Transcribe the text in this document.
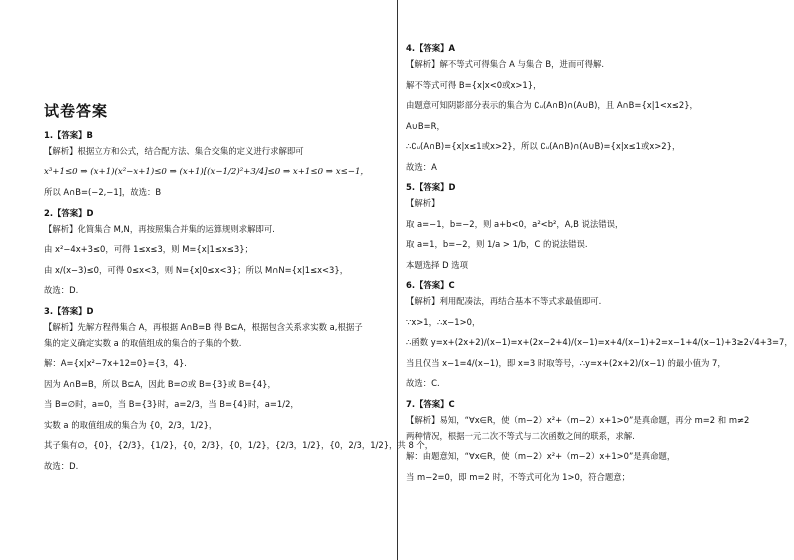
试卷答案
1.【答案】B
【解析】根据立方和公式，结合配方法、集合交集的定义进行求解即可
x³+1≤0 ⇒ (x+1)(x²−x+1)≤0 ⇒ (x+1)[(x−1/2)²+3/4]≤0 ⇒ x+1≤0 ⇒ x≤−1，
所以 A∩B=(−2,−1]，故选：B
2.【答案】D
【解析】化简集合 M,N，再按照集合并集的运算规则求解即可.
由 x²−4x+3≤0，可得 1≤x≤3，则 M={x|1≤x≤3}；
由 x/(x−3)≤0，可得 0≤x<3，则 N={x|0≤x<3}；所以 M∩N={x|1≤x<3}，
故选：D.
3.【答案】D
【解析】先解方程得集合 A，再根据 A∩B=B 得 B⊆A，根据包含关系求实数 a,根据子
集的定义确定实数 a 的取值组成的集合的子集的个数.
解：A={x|x²−7x+12=0}={3，4}.
因为 A∩B=B，所以 B⊆A，因此 B=∅或 B={3}或 B={4}，
当 B=∅时，a=0，当 B={3}时，a=2/3，当 B={4}时，a=1/2，
实数 a 的取值组成的集合为 {0，2/3，1/2}，
其子集有∅，{0}，{2/3}，{1/2}，{0，2/3}，{0，1/2}，{2/3，1/2}，{0，2/3，1/2}，共 8 个，
故选：D.
4.【答案】A
【解析】解不等式可得集合 A 与集合 B，进而可得解.
解不等式可得 B={x|x<0或x>1}，
由题意可知阴影部分表示的集合为 ∁ᵤ(A∩B)∩(A∪B)，且 A∩B={x|1<x≤2}，
A∪B=R，
∴∁ᵤ(A∩B)={x|x≤1或x>2}，所以 ∁ᵤ(A∩B)∩(A∪B)={x|x≤1或x>2}，
故选：A
5.【答案】D
【解析】
取 a=−1，b=−2，则 a+b<0，a²<b²，A,B 说法错误，
取 a=1，b=−2，则 1/a > 1/b，C 的说法错误.
本题选择 D 选项
6.【答案】C
【解析】利用配凑法，再结合基本不等式求最值即可.
∵x>1，∴x−1>0，
∴函数 y=x+(2x+2)/(x−1)=x+(2x−2+4)/(x−1)=x+4/(x−1)+2=x−1+4/(x−1)+3≥2√4+3=7，
当且仅当 x−1=4/(x−1)，即 x=3 时取等号，∴y=x+(2x+2)/(x−1) 的最小值为 7，
故选：C.
7.【答案】C
【解析】易知，“∀x∈R，使（m−2）x²+（m−2）x+1>0”是真命题，再分 m=2 和 m≠2
两种情况，根据一元二次不等式与二次函数之间的联系，求解.
解：由题意知，“∀x∈R，使（m−2）x²+（m−2）x+1>0”是真命题，
当 m−2=0，即 m=2 时，不等式可化为 1>0，符合题意；
